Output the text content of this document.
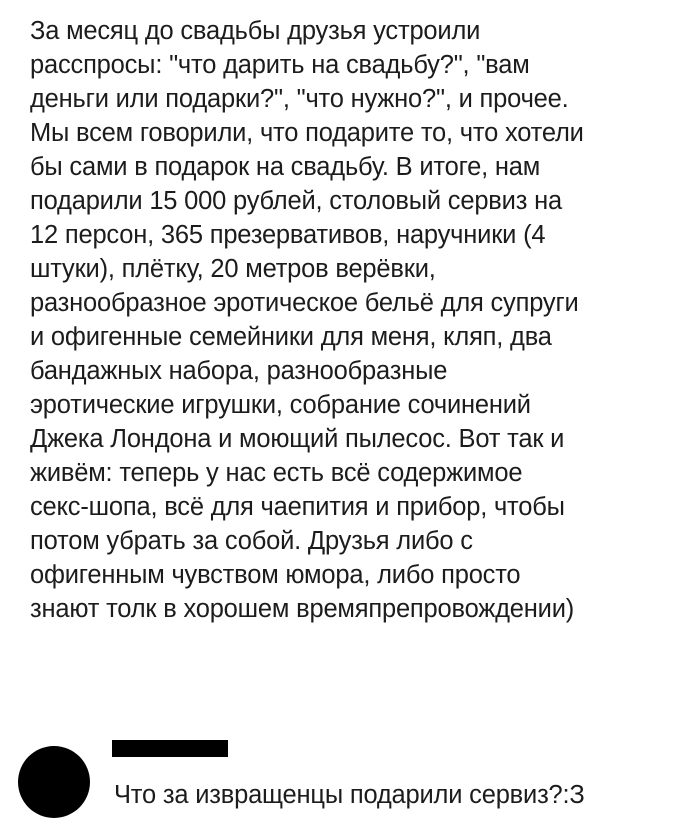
За месяц до свадьбы друзья устроили
расспросы: "что дарить на свадьбу?", "вам
деньги или подарки?", "что нужно?", и прочее.
Мы всем говорили, что подарите то, что хотели
бы сами в подарок на свадьбу. В итоге, нам
подарили 15 000 рублей, столовый сервиз на
12 персон, 365 презервативов, наручники (4
штуки), плётку, 20 метров верёвки,
разнообразное эротическое бельё для супруги
и офигенные семейники для меня, кляп, два
бандажных набора, разнообразные
эротические игрушки, собрание сочинений
Джека Лондона и моющий пылесос. Вот так и
живём: теперь у нас есть всё содержимое
секс-шопа, всё для чаепития и прибор, чтобы
потом убрать за собой. Друзья либо с
офигенным чувством юмора, либо просто
знают толк в хорошем времяпрепровождении)
Что за извращенцы подарили сервиз?:З
